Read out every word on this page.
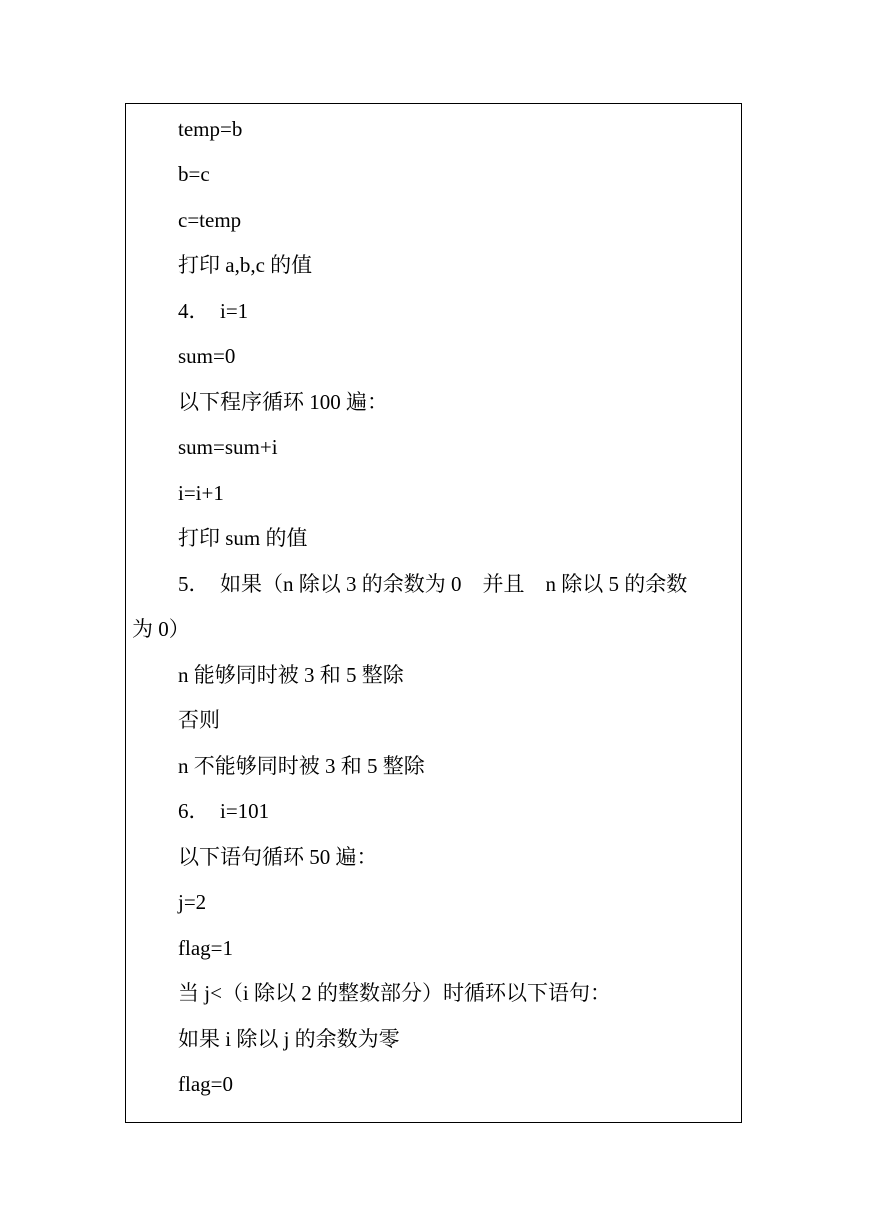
temp=b
b=c
c=temp
打印 a,b,c 的值
4．  i=1
sum=0
以下程序循环 100 遍：
sum=sum+i
i=i+1
打印 sum 的值
5．  如果（n 除以 3 的余数为 0    并且    n 除以 5 的余数
为 0）
n 能够同时被 3 和 5 整除
否则
n 不能够同时被 3 和 5 整除
6．  i=101
以下语句循环 50 遍：
j=2
flag=1
当 j<（i 除以 2 的整数部分）时循环以下语句：
如果 i 除以 j 的余数为零
flag=0
